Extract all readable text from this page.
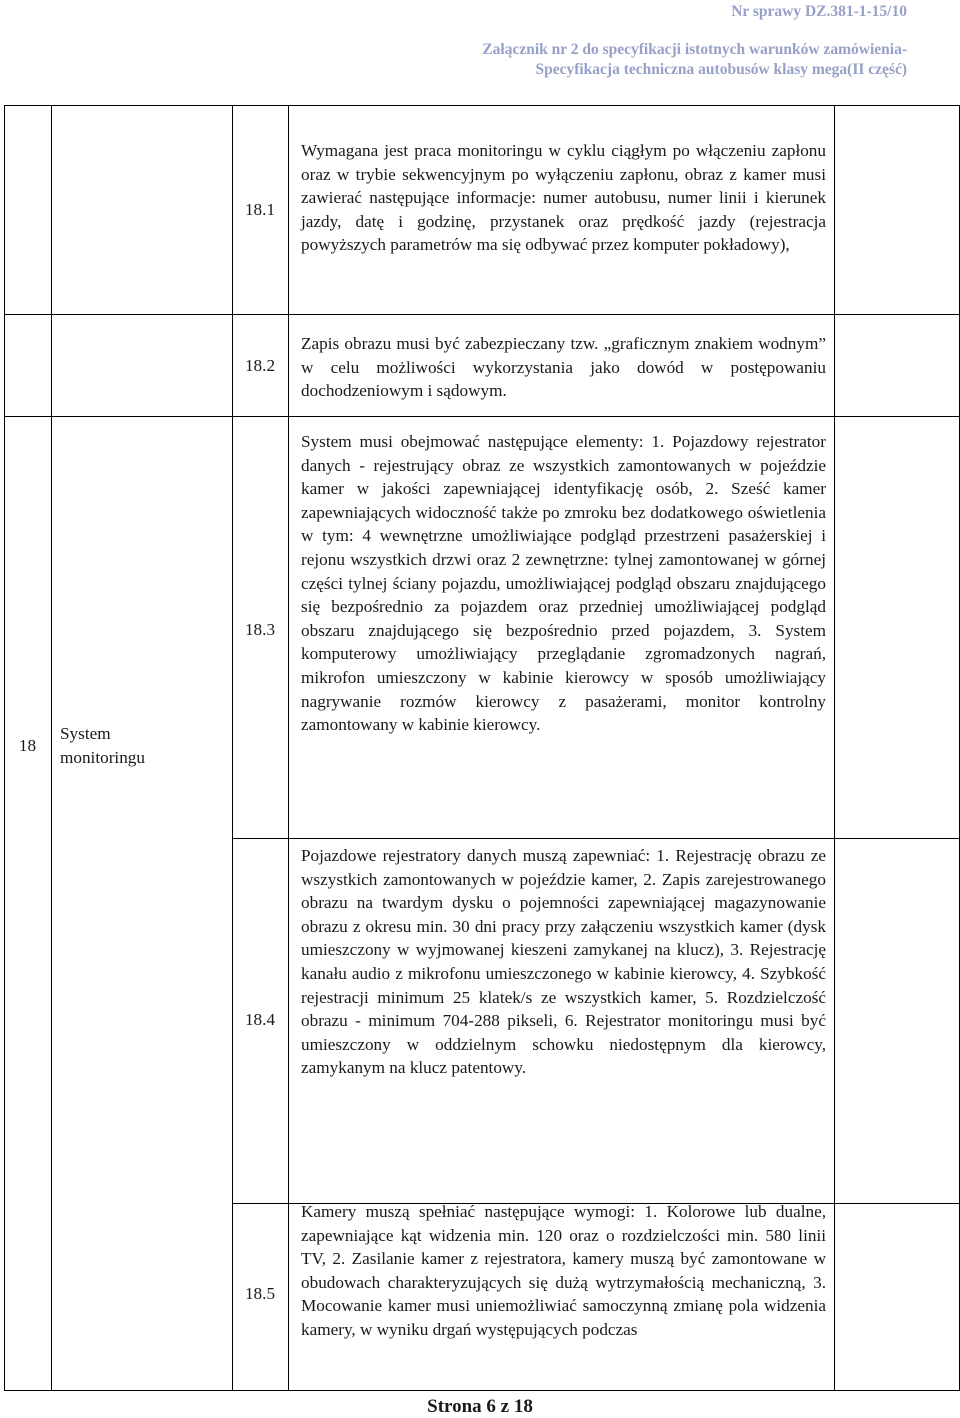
Nr sprawy DZ.381-1-15/10
Załącznik nr 2 do specyfikacji istotnych warunków zamówienia-
Specyfikacja techniczna autobusów klasy mega(II część)
18
System monitoringu
18.1
Wymagana jest praca monitoringu w cyklu ciągłym po włączeniu zapłonu oraz w trybie sekwencyjnym po wyłączeniu zapłonu, obraz z kamer musi zawierać następujące informacje: numer autobusu, numer linii i kierunek jazdy, datę i godzinę, przystanek oraz prędkość jazdy (rejestracja powyższych parametrów ma się odbywać przez komputer pokładowy),
18.2
Zapis obrazu musi być zabezpieczany tzw. „graficznym znakiem wodnym” w celu możliwości wykorzystania jako dowód w postępowaniu dochodzeniowym i sądowym.
18.3
System musi obejmować następujące elementy: 1. Pojazdowy rejestrator danych - rejestrujący obraz ze wszystkich zamontowanych w pojeździe kamer w jakości zapewniającej identyfikację osób, 2. Sześć kamer zapewniających widoczność także po zmroku bez dodatkowego oświetlenia w tym: 4 wewnętrzne umożliwiające podgląd przestrzeni pasażerskiej i rejonu wszystkich drzwi oraz 2 zewnętrzne: tylnej zamontowanej w górnej części tylnej ściany pojazdu, umożliwiającej podgląd obszaru znajdującego się bezpośrednio za pojazdem oraz przedniej umożliwiającej podgląd obszaru znajdującego się bezpośrednio przed pojazdem, 3. System komputerowy umożliwiający przeglądanie zgromadzonych nagrań, mikrofon umieszczony w kabinie kierowcy w sposób umożliwiający nagrywanie rozmów kierowcy z pasażerami, monitor kontrolny zamontowany w kabinie kierowcy.
18.4
Pojazdowe rejestratory danych muszą zapewniać: 1. Rejestrację obrazu ze wszystkich zamontowanych w pojeździe kamer, 2. Zapis zarejestrowanego obrazu na twardym dysku o pojemności zapewniającej magazynowanie obrazu z okresu min. 30 dni pracy przy załączeniu wszystkich kamer (dysk umieszczony w wyjmowanej kieszeni zamykanej na klucz), 3. Rejestrację kanału audio z mikrofonu umieszczonego w kabinie kierowcy, 4. Szybkość rejestracji minimum 25 klatek/s ze wszystkich kamer, 5. Rozdzielczość obrazu - minimum 704-288 pikseli, 6. Rejestrator monitoringu musi być umieszczony w oddzielnym schowku niedostępnym dla kierowcy, zamykanym na klucz patentowy.
18.5
Kamery muszą spełniać następujące wymogi: 1. Kolorowe lub dualne, zapewniające kąt widzenia min. 120 oraz o rozdzielczości min. 580 linii TV, 2. Zasilanie kamer z rejestratora, kamery muszą być zamontowane w obudowach charakteryzujących się dużą wytrzymałością mechaniczną, 3. Mocowanie kamer musi uniemożliwiać samoczynną zmianę pola widzenia kamery, w wyniku drgań występujących podczas
Strona 6 z 18
